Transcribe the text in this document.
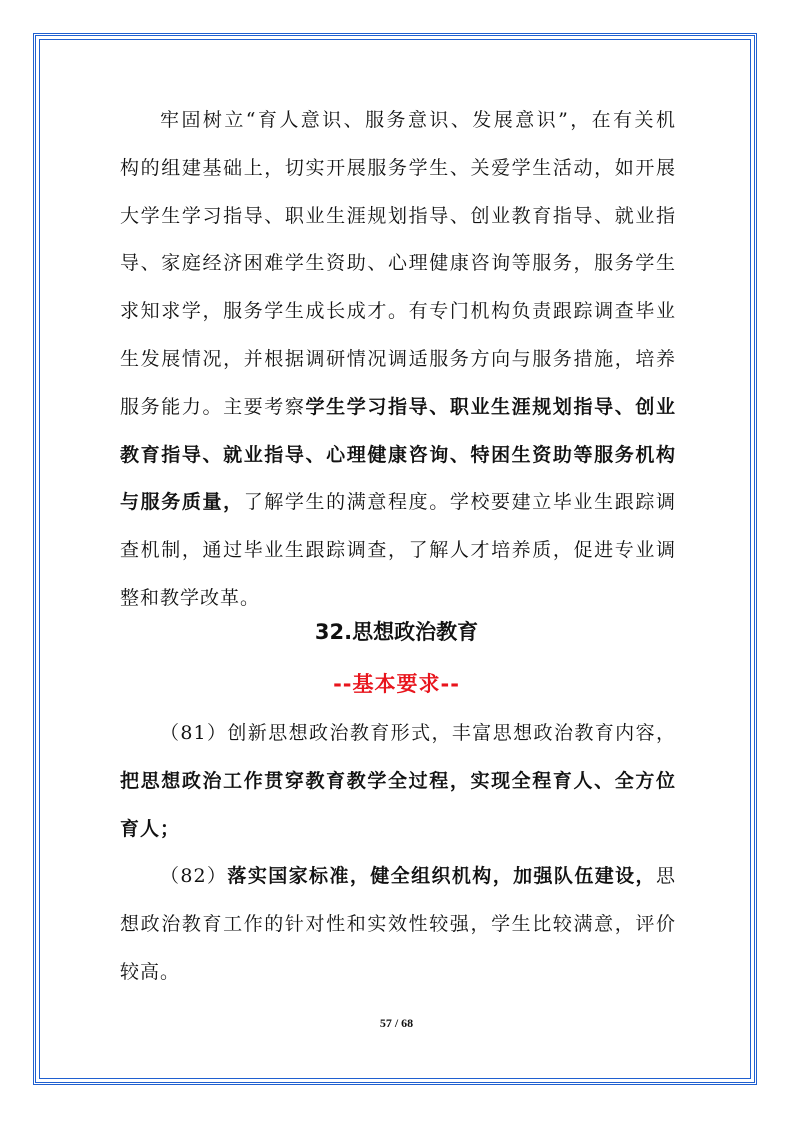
牢固树立“育人意识、服务意识、发展意识”，在有关机
构的组建基础上，切实开展服务学生、关爱学生活动，如开展
大学生学习指导、职业生涯规划指导、创业教育指导、就业指
导、家庭经济困难学生资助、心理健康咨询等服务，服务学生
求知求学，服务学生成长成才。有专门机构负责跟踪调查毕业
生发展情况，并根据调研情况调适服务方向与服务措施，培养
服务能力。主要考察学生学习指导、职业生涯规划指导、创业
教育指导、就业指导、心理健康咨询、特困生资助等服务机构
与服务质量，了解学生的满意程度。学校要建立毕业生跟踪调
查机制，通过毕业生跟踪调查，了解人才培养质，促进专业调
整和教学改革。
32.思想政治教育
--基本要求--
（81）创新思想政治教育形式，丰富思想政治教育内容，
把思想政治工作贯穿教育教学全过程，实现全程育人、全方位
育人；
（82）落实国家标准，健全组织机构，加强队伍建设，思
想政治教育工作的针对性和实效性较强，学生比较满意，评价
较高。
57 / 68
